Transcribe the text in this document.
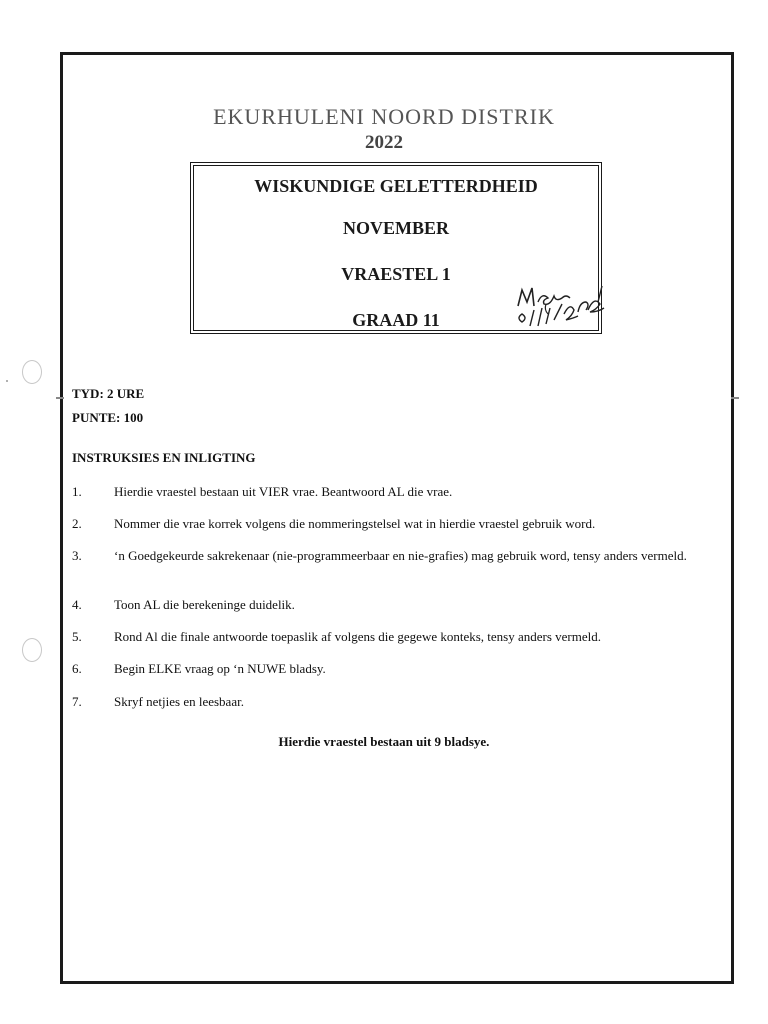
EKURHULENI NOORD DISTRIK
2022
WISKUNDIGE GELETTERDHEID
NOVEMBER
VRAESTEL 1
GRAAD 11
TYD: 2 URE
PUNTE: 100
INSTRUKSIES EN INLIGTING
1. Hierdie vraestel bestaan uit VIER vrae. Beantwoord AL die vrae.
2. Nommer die vrae korrek volgens die nommeringstelsel wat in hierdie vraestel gebruik word.
3. ‘n Goedgekeurde sakrekenaar (nie-programmeerbaar en nie-grafies) mag gebruik word, tensy anders vermeld.
4. Toon AL die berekeninge duidelik.
5. Rond Al die finale antwoorde toepaslik af volgens die gegewe konteks, tensy anders vermeld.
6. Begin ELKE vraag op ‘n NUWE bladsy.
7. Skryf netjies en leesbaar.
Hierdie vraestel bestaan uit 9 bladsye.
